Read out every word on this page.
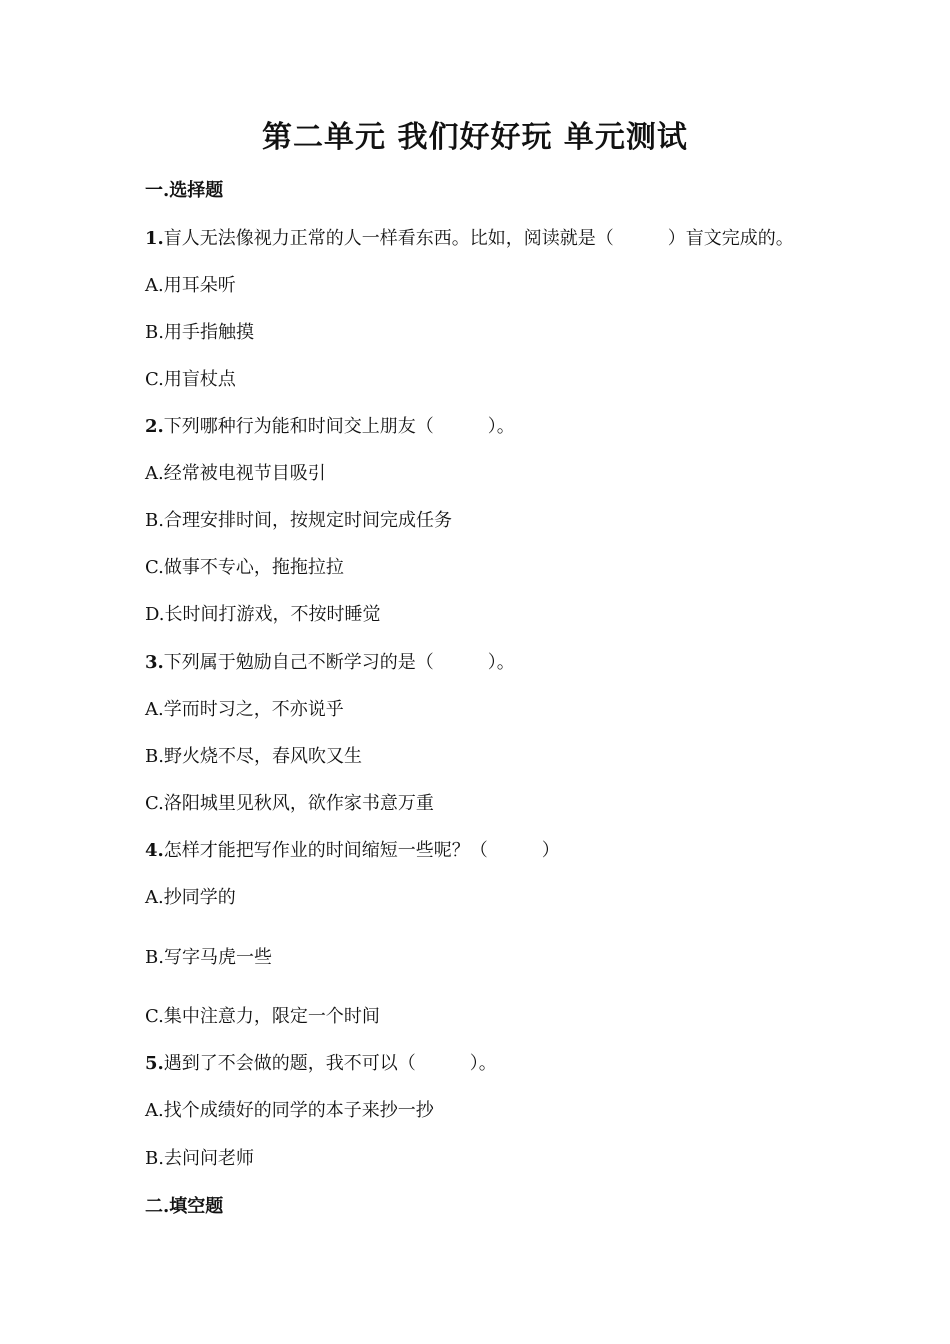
第二单元 我们好好玩 单元测试
一.选择题
1.盲人无法像视力正常的人一样看东西。比如，阅读就是（　　　）盲文完成的。
A.用耳朵听
B.用手指触摸
C.用盲杖点
2.下列哪种行为能和时间交上朋友（　　　）。
A.经常被电视节目吸引
B.合理安排时间，按规定时间完成任务
C.做事不专心，拖拖拉拉
D.长时间打游戏，不按时睡觉
3.下列属于勉励自己不断学习的是（　　　）。
A.学而时习之，不亦说乎
B.野火烧不尽，春风吹又生
C.洛阳城里见秋风，欲作家书意万重
4.怎样才能把写作业的时间缩短一些呢？（　　　）
A.抄同学的
B.写字马虎一些
C.集中注意力，限定一个时间
5.遇到了不会做的题，我不可以（　　　）。
A.找个成绩好的同学的本子来抄一抄
B.去问问老师
二.填空题
